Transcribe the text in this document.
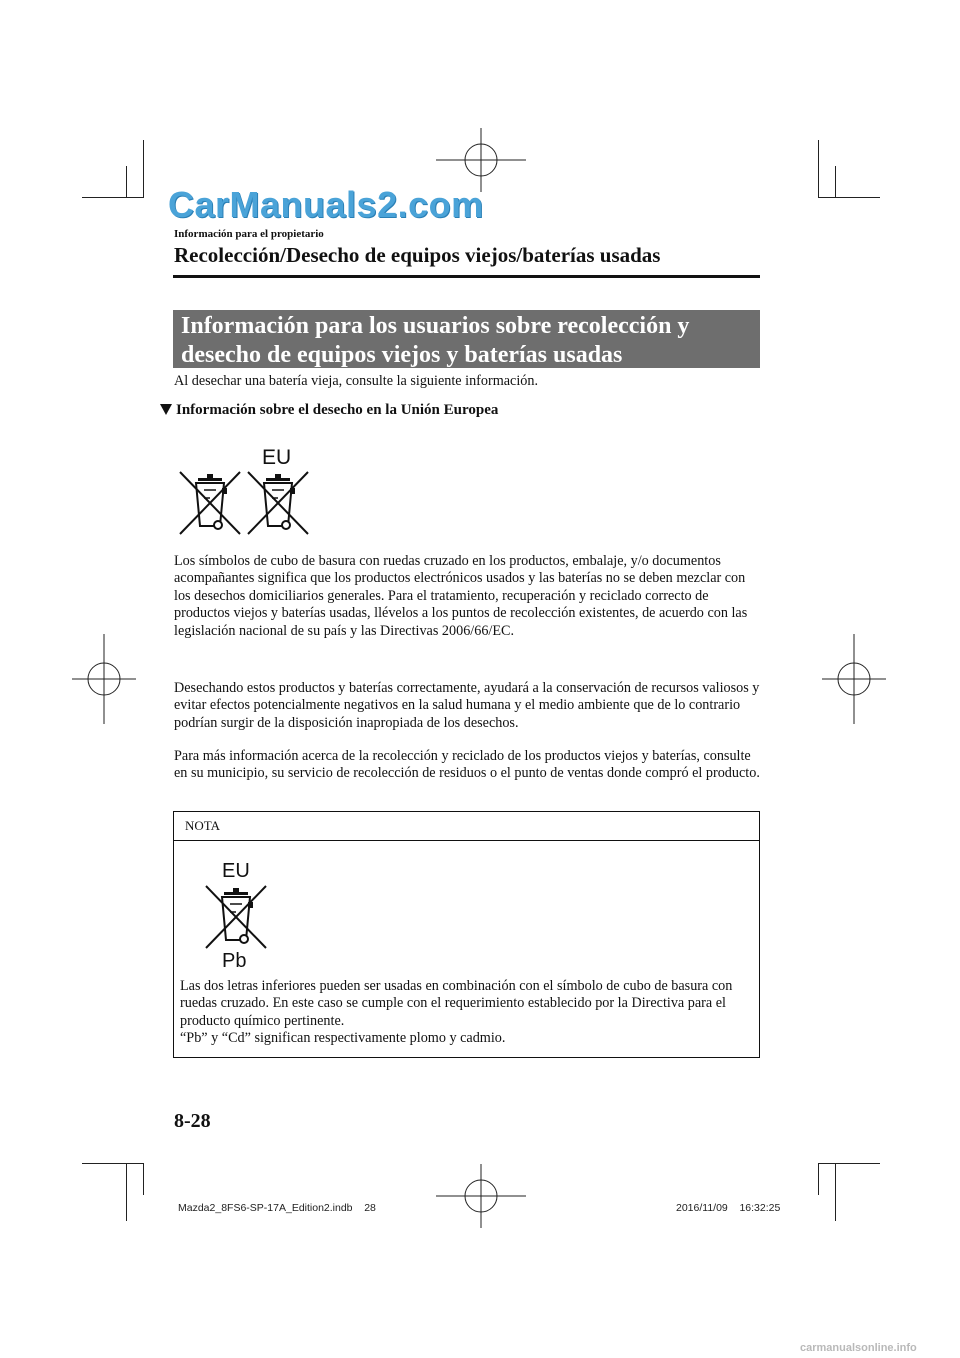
CarManuals2.com
Información para el propietario
Recolección/Desecho de equipos viejos/baterías usadas
Información para los usuarios sobre recolección y
desecho de equipos viejos y baterías usadas
Al desechar una batería vieja, consulte la siguiente información.
Información sobre el desecho en la Unión Europea
EU
Los símbolos de cubo de basura con ruedas cruzado en los productos, embalaje, y/o documentos acompañantes significa que los productos electrónicos usados y las baterías no se deben mezclar con los desechos domiciliarios generales. Para el tratamiento, recuperación y reciclado correcto de productos viejos y baterías usadas, llévelos a los puntos de recolección existentes, de acuerdo con las legislación nacional de su país y las Directivas 2006/66/EC.
Desechando estos productos y baterías correctamente, ayudará a la conservación de recursos valiosos y evitar efectos potencialmente negativos en la salud humana y el medio ambiente que de lo contrario podrían surgir de la disposición inapropiada de los desechos.
Para más información acerca de la recolección y reciclado de los productos viejos y baterías, consulte en su municipio, su servicio de recolección de residuos o el punto de ventas donde compró el producto.
NOTA
EU
Pb
Las dos letras inferiores pueden ser usadas en combinación con el símbolo de cubo de basura con ruedas cruzado. En este caso se cumple con el requerimiento establecido por la Directiva para el producto químico pertinente.
“Pb” y “Cd” significan respectivamente plomo y cadmio.
8-28
Mazda2_8FS6-SP-17A_Edition2.indb    28	2016/11/09    16:32:25
carmanualsonline.info
